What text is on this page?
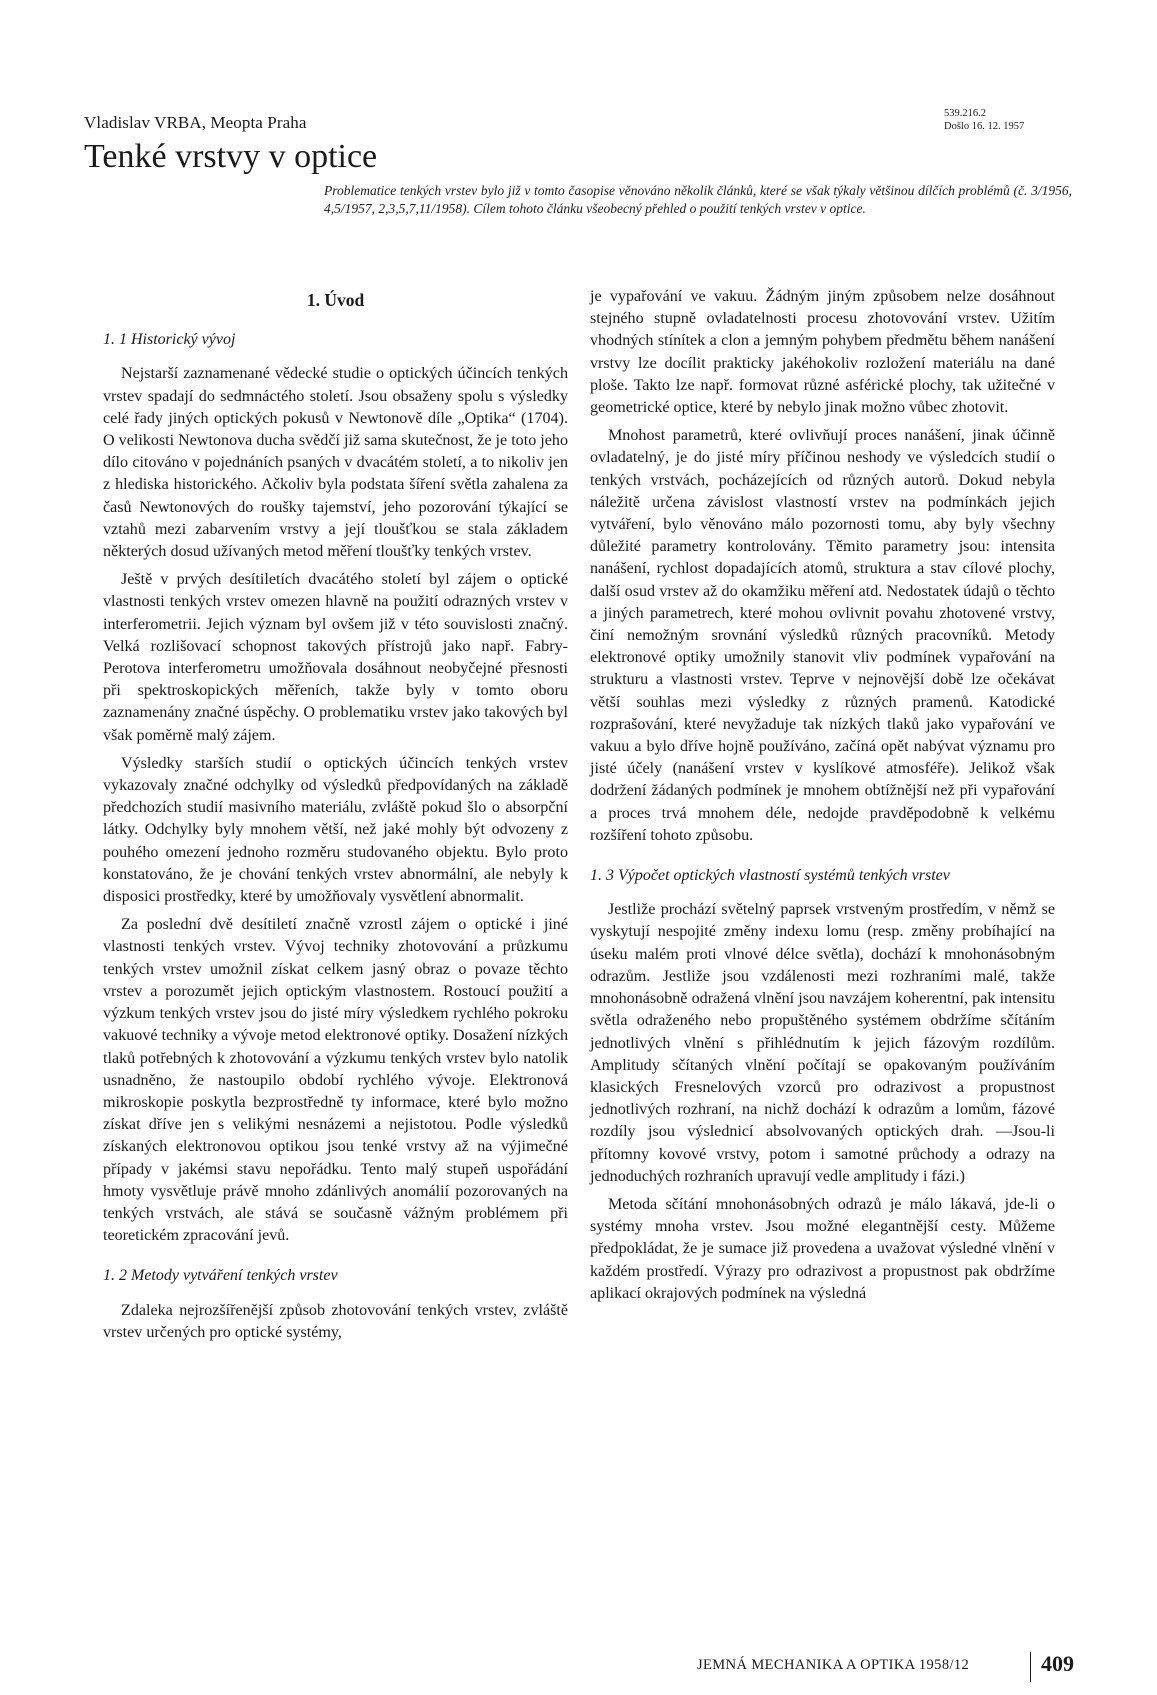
Vladislav VRBA, Meopta Praha	539.216.2
Došlo 16. 12. 1957
Tenké vrstvy v optice

Problematice tenkých vrstev bylo již v tomto časopise věnováno několik článků, které se však týkaly většinou dílčích problémů (č. 3/1956, 4,5/1957, 2,3,5,7,11/1958). Cílem tohoto článku všeobecný přehled o použití tenkých vrstev v optice.

1. Úvod
1. 1 Historický vývoj

Nejstarší zaznamenané vědecké studie o optických účincích tenkých vrstev spadají do sedmnáctého století. Jsou obsaženy spolu s výsledky celé řady jiných optických pokusů v Newtonově díle „Optika“ (1704). O velikosti Newtonova ducha svědčí již sama skutečnost, že je toto jeho dílo citováno v pojednáních psaných v dvacátém století, a to nikoliv jen z hlediska historického. Ačkoliv byla podstata šíření světla zahalena za časů Newtonových do roušky tajemství, jeho pozorování týkající se vztahů mezi zabarvením vrstvy a její tloušťkou se stala základem některých dosud užívaných metod měření tloušťky tenkých vrstev.

Ještě v prvých desítiletích dvacátého století byl zájem o optické vlastnosti tenkých vrstev omezen hlavně na použití odrazných vrstev v interferometrii. Jejich význam byl ovšem již v této souvislosti značný. Velká rozlišovací schopnost takových přístrojů jako např. Fabry-Perotova interferometru umožňovala dosáhnout neobyčejné přesnosti při spektroskopických měřeních, takže byly v tomto oboru zaznamenány značné úspěchy. O problematiku vrstev jako takových byl však poměrně malý zájem.

Výsledky starších studií o optických účincích tenkých vrstev vykazovaly značné odchylky od výsledků předpovídaných na základě předchozích studií masivního materiálu, zvláště pokud šlo o absorpční látky. Odchylky byly mnohem větší, než jaké mohly být odvozeny z pouhého omezení jednoho rozměru studovaného objektu. Bylo proto konstatováno, že je chování tenkých vrstev abnormální, ale nebyly k disposici prostředky, které by umožňovaly vysvětlení abnormalit.

Za poslední dvě desítiletí značně vzrostl zájem o optické i jiné vlastnosti tenkých vrstev. Vývoj techniky zhotovování a průzkumu tenkých vrstev umožnil získat celkem jasný obraz o povaze těchto vrstev a porozumět jejich optickým vlastnostem. Rostoucí použití a výzkum tenkých vrstev jsou do jisté míry výsledkem rychlého pokroku vakuové techniky a vývoje metod elektronové optiky. Dosažení nízkých tlaků potřebných k zhotovování a výzkumu tenkých vrstev bylo natolik usnadněno, že nastoupilo období rychlého vývoje. Elektronová mikroskopie poskytla bezprostředně ty informace, které bylo možno získat dříve jen s velikými nesnázemi a nejistotou. Podle výsledků získaných elektronovou optikou jsou tenké vrstvy až na výjimečné případy v jakémsi stavu nepořádku. Tento malý stupeň uspořádání hmoty vysvětluje právě mnoho zdánlivých anomálií pozorovaných na tenkých vrstvách, ale stává se současně vážným problémem při teoretickém zpracování jevů.

1. 2 Metody vytváření tenkých vrstev

Zdaleka nejrozšířenější způsob zhotovování tenkých vrstev, zvláště vrstev určených pro optické systémy,

je vypařování ve vakuu. Žádným jiným způsobem nelze dosáhnout stejného stupně ovladatelnosti procesu zhotovování vrstev. Užitím vhodných stínítek a clon a jemným pohybem předmětu během nanášení vrstvy lze docílit prakticky jakéhokoliv rozložení materiálu na dané ploše. Takto lze např. formovat různé asférické plochy, tak užitečné v geometrické optice, které by nebylo jinak možno vůbec zhotovit.

Mnohost parametrů, které ovlivňují proces nanášení, jinak účinně ovladatelný, je do jisté míry příčinou neshody ve výsledcích studií o tenkých vrstvách, pocházejících od různých autorů. Dokud nebyla náležitě určena závislost vlastností vrstev na podmínkách jejich vytváření, bylo věnováno málo pozornosti tomu, aby byly všechny důležité parametry kontrolovány. Těmito parametry jsou: intensita nanášení, rychlost dopadajících atomů, struktura a stav cílové plochy, další osud vrstev až do okamžiku měření atd. Nedostatek údajů o těchto a jiných parametrech, které mohou ovlivnit povahu zhotovené vrstvy, činí nemožným srovnání výsledků různých pracovníků. Metody elektronové optiky umožnily stanovit vliv podmínek vypařování na strukturu a vlastnosti vrstev. Teprve v nejnovější době lze očekávat větší souhlas mezi výsledky z různých pramenů. Katodické rozprašování, které nevyžaduje tak nízkých tlaků jako vypařování ve vakuu a bylo dříve hojně používáno, začíná opět nabývat významu pro jisté účely (nanášení vrstev v kyslíkové atmosféře). Jelikož však dodržení žádaných podmínek je mnohem obtížnější než při vypařování a proces trvá mnohem déle, nedojde pravděpodobně k velkému rozšíření tohoto způsobu.

1. 3 Výpočet optických vlastností systémů tenkých vrstev

Jestliže prochází světelný paprsek vrstveným prostředím, v němž se vyskytují nespojité změny indexu lomu (resp. změny probíhající na úseku malém proti vlnové délce světla), dochází k mnohonásobným odrazům. Jestliže jsou vzdálenosti mezi rozhraními malé, takže mnohonásobně odražená vlnění jsou navzájem koherentní, pak intensitu světla odraženého nebo propuštěného systémem obdržíme sčítáním jednotlivých vlnění s přihlédnutím k jejich fázovým rozdílům. Amplitudy sčítaných vlnění počítají se opakovaným používáním klasických Fresnelových vzorců pro odrazivost a propustnost jednotlivých rozhraní, na nichž dochází k odrazům a lomům, fázové rozdíly jsou výslednicí absolvovaných optických drah. —Jsou-li přítomny kovové vrstvy, potom i samotné průchody a odrazy na jednoduchých rozhraních upravují vedle amplitudy i fázi.)

Metoda sčítání mnohonásobných odrazů je málo lákavá, jde-li o systémy mnoha vrstev. Jsou možné elegantnější cesty. Můžeme předpokládat, že je sumace již provedena a uvažovat výsledné vlnění v každém prostředí. Výrazy pro odrazivost a propustnost pak obdržíme aplikací okrajových podmínek na výsledná

JEMNÁ MECHANIKA A OPTIKA 1958/12	409
